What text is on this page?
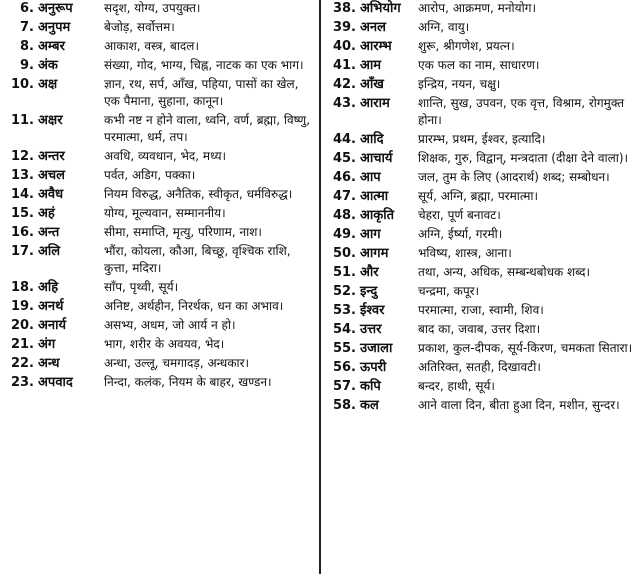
6. अनुरूप	सदृश, योग्य, उपयुक्त।
7. अनुपम	बेजोड़, सर्वोत्तम।
8. अम्बर	आकाश, वस्त्र, बादल।
9. अंक	संख्या, गोद, भाग्य, चिह्न, नाटक का एक भाग।
10. अक्ष	ज्ञान, रथ, सर्प, आँख, पहिया, पासों का खेल, एक पैमाना, सुहाना, कानून।
11. अक्षर	कभी नष्ट न होने वाला, ध्वनि, वर्ण, ब्रह्मा, विष्णु, परमात्मा, धर्म, तप।
12. अन्तर	अवधि, व्यवधान, भेद, मध्य।
13. अचल	पर्वत, अडिग, पक्का।
14. अवैध	नियम विरुद्ध, अनैतिक, स्वीकृत, धर्मविरुद्ध।
15. अहं	योग्य, मूल्यवान, सम्माननीय।
16. अन्त	सीमा, समाप्ति, मृत्यु, परिणाम, नाश।
17. अलि	भौंरा, कोयला, कौआ, बिच्छू, वृश्चिक राशि, कुत्ता, मदिरा।
18. अहि	साँप, पृथ्वी, सूर्य।
19. अनर्थ	अनिष्ट, अर्थहीन, निरर्थक, धन का अभाव।
20. अनार्य	असभ्य, अधम, जो आर्य न हो।
21. अंग	भाग, शरीर के अवयव, भेद।
22. अन्ध	अन्धा, उल्लू, चमगादड़, अन्धकार।
23. अपवाद	निन्दा, कलंक, नियम के बाहर, खण्डन।
38. अभियोग	आरोप, आक्रमण, मनोयोग।
39. अनल	अग्नि, वायु।
40. आरम्भ	शुरू, श्रीगणेश, प्रयत्न।
41. आम	एक फल का नाम, साधारण।
42. आँख	इन्द्रिय, नयन, चक्षु।
43. आराम	शान्ति, सुख, उपवन, एक वृत्त, विश्राम, रोगमुक्त होना।
44. आदि	प्रारम्भ, प्रथम, ईश्वर, इत्यादि।
45. आचार्य	शिक्षक, गुरु, विद्वान्, मन्त्रदाता (दीक्षा देने वाला)।
46. आप	जल, तुम के लिए (आदरार्थ) शब्द; सम्बोधन।
47. आत्मा	सूर्य, अग्नि, ब्रह्मा, परमात्मा।
48. आकृति	चेहरा, पूर्ण बनावट।
49. आग	अग्नि, ईर्ष्या, गरमी।
50. आगम	भविष्य, शास्त्र, आना।
51. और	तथा, अन्य, अधिक, सम्बन्धबोधक शब्द।
52. इन्दु	चन्द्रमा, कपूर।
53. ईश्वर	परमात्मा, राजा, स्वामी, शिव।
54. उत्तर	बाद का, जवाब, उत्तर दिशा।
55. उजाला	प्रकाश, कुल-दीपक, सूर्य-किरण, चमकता सितारा।
56. ऊपरी	अतिरिक्त, सतही, दिखावटी।
57. कपि	बन्दर, हाथी, सूर्य।
58. कल	आने वाला दिन, बीता हुआ दिन, मशीन, सुन्दर।
